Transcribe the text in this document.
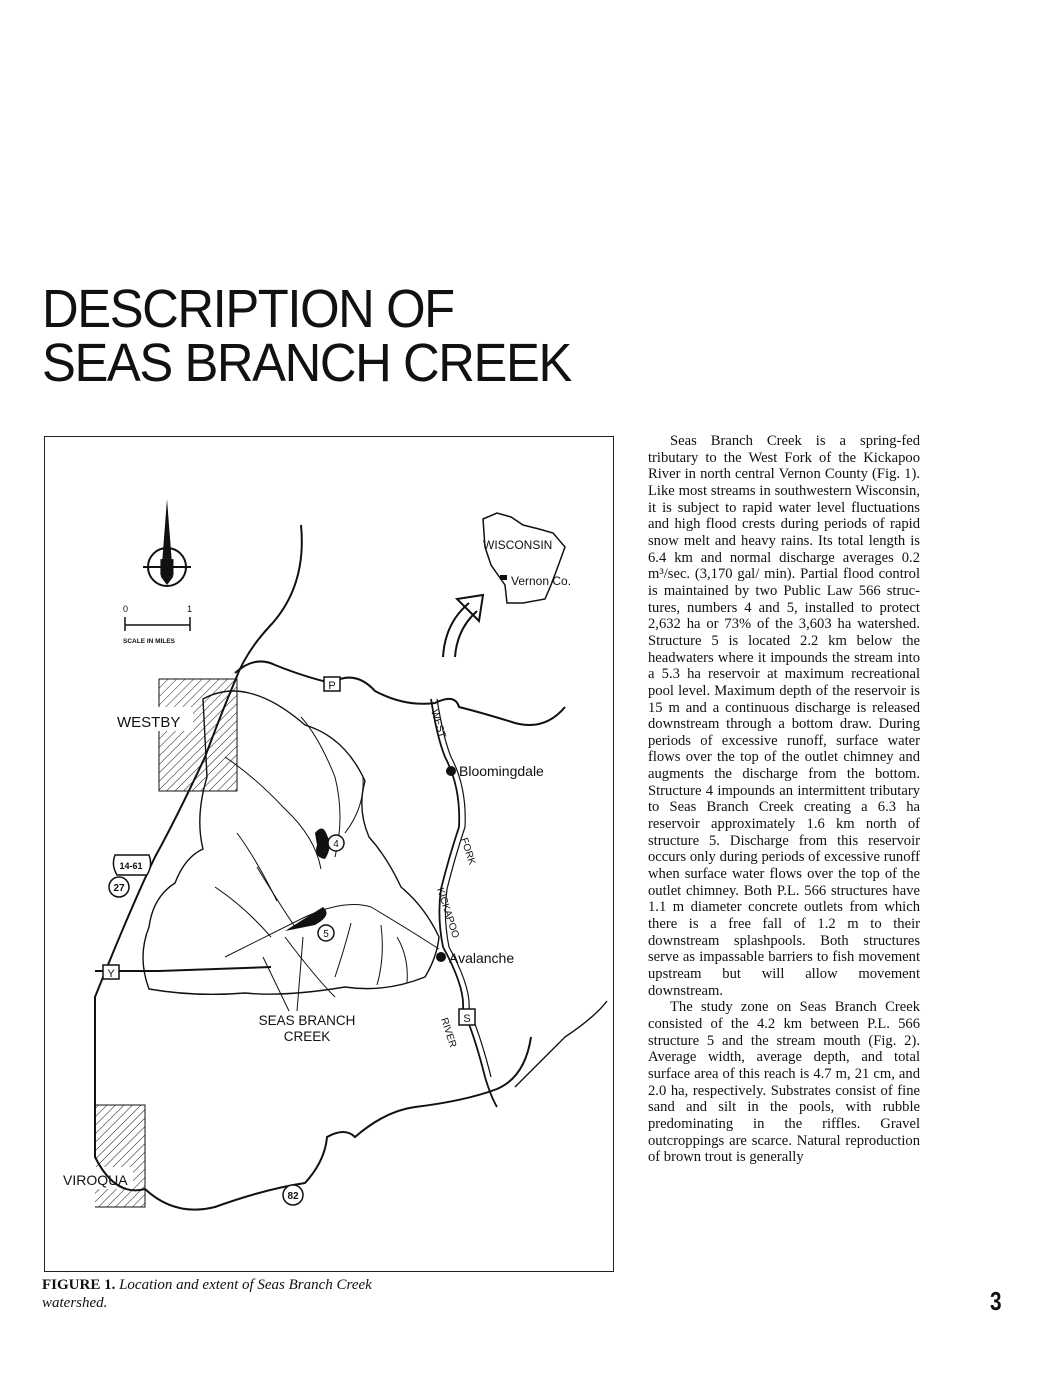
DESCRIPTION OF
SEAS BRANCH CREEK
N
0	1
SCALE IN MILES
WISCONSIN
Vernon Co.
WESTBY
VIROQUA
4
5
Bloomingdale
Avalanche
WEST
FORK
KICKAPOO
RIVER
SEAS BRANCH
CREEK
P
Y
S
14-61
27
82
FIGURE 1. Location and extent of Seas Branch Creek watershed.

Seas Branch Creek is a spring-fed tributary to the West Fork of the Kickapoo River in north central Vernon County (Fig. 1). Like most streams in southwestern Wisconsin, it is subject to rapid water level fluctuations and high flood crests during periods of rapid snow melt and heavy rains. Its total length is 6.4 km and normal discharge averages 0.2 m³/sec. (3,170 gal/ min). Partial flood control is maintained by two Public Law 566 structures, numbers 4 and 5, installed to protect 2,632 ha or 73% of the 3,603 ha watershed. Structure 5 is located 2.2 km below the headwaters where it impounds the stream into a 5.3 ha reservoir at maximum recreational pool level. Maximum depth of the reservoir is 15 m and a continuous discharge is released downstream through a bottom draw. During periods of excessive runoff, surface water flows over the top of the outlet chimney and augments the discharge from the bottom. Structure 4 impounds an intermittent tributary to Seas Branch Creek creating a 6.3 ha reservoir approximately 1.6 km north of structure 5. Discharge from this reservoir occurs only during periods of excessive runoff when surface water flows over the top of the outlet chimney. Both P.L. 566 structures have 1.1 m diameter concrete outlets from which there is a free fall of 1.2 m to their downstream splashpools. Both structures serve as impassable barriers to fish movement upstream but will allow movement downstream.

The study zone on Seas Branch Creek consisted of the 4.2 km between P.L. 566 structure 5 and the stream mouth (Fig. 2). Average width, average depth, and total surface area of this reach is 4.7 m, 21 cm, and 2.0 ha, respectively. Substrates consist of fine sand and silt in the pools, with rubble predominating in the riffles. Gravel outcroppings are scarce. Natural reproduction of brown trout is generally

3
